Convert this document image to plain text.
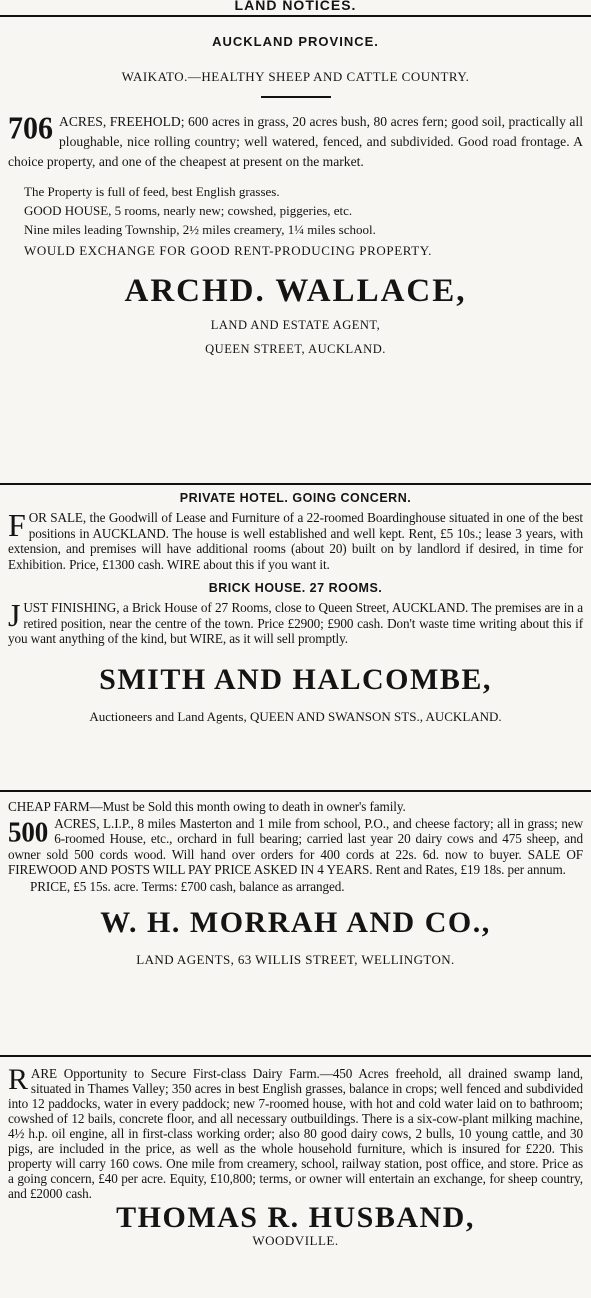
LAND NOTICES.
AUCKLAND PROVINCE.
WAIKATO.—HEALTHY SHEEP AND CATTLE COUNTRY.
706 ACRES, FREEHOLD; 600 acres in grass, 20 acres bush, 80 acres fern; good soil, practically all ploughable, nice rolling country; well watered, fenced, and subdivided. Good road frontage. A choice property, and one of the cheapest at present on the market.
The Property is full of feed, best English grasses.
GOOD HOUSE, 5 rooms, nearly new; cowshed, piggeries, etc.
Nine miles leading Township, 2½ miles creamery, 1¼ miles school.
WOULD EXCHANGE FOR GOOD RENT-PRODUCING PROPERTY.
ARCHD. WALLACE,
LAND AND ESTATE AGENT,
QUEEN STREET, AUCKLAND.
PRIVATE HOTEL. GOING CONCERN.
F OR SALE, the Goodwill of Lease and Furniture of a 22-roomed Boardinghouse situated in one of the best positions in AUCKLAND. The house is well established and well kept. Rent, £5 10s.; lease 3 years, with extension, and premises will have additional rooms (about 20) built on by landlord if desired, in time for Exhibition. Price, £1300 cash. WIRE about this if you want it.
BRICK HOUSE. 27 ROOMS.
J UST FINISHING, a Brick House of 27 Rooms, close to Queen Street, AUCKLAND. The premises are in a retired position, near the centre of the town. Price £2900; £900 cash. Don't waste time writing about this if you want anything of the kind, but WIRE, as it will sell promptly.
SMITH AND HALCOMBE,
Auctioneers and Land Agents, QUEEN AND SWANSON STS., AUCKLAND.
CHEAP FARM—Must be Sold this month owing to death in owner's family.
500 ACRES, L.I.P., 8 miles Masterton and 1 mile from school, P.O., and cheese factory; all in grass; new 6-roomed House, etc., orchard in full bearing; carried last year 20 dairy cows and 475 sheep, and owner sold 500 cords wood. Will hand over orders for 400 cords at 22s. 6d. now to buyer. SALE OF FIREWOOD AND POSTS WILL PAY PRICE ASKED IN 4 YEARS. Rent and Rates, £19 18s. per annum.
PRICE, £5 15s. acre. Terms: £700 cash, balance as arranged.
W. H. MORRAH AND CO.,
LAND AGENTS, 63 WILLIS STREET, WELLINGTON.
R ARE Opportunity to Secure First-class Dairy Farm.—450 Acres freehold, all drained swamp land, situated in Thames Valley; 350 acres in best English grasses, balance in crops; well fenced and subdivided into 12 paddocks, water in every paddock; new 7-roomed house, with hot and cold water laid on to bathroom; cowshed of 12 bails, concrete floor, and all necessary outbuildings. There is a six-cow-plant milking machine, 4½ h.p. oil engine, all in first-class working order; also 80 good dairy cows, 2 bulls, 10 young cattle, and 30 pigs, are included in the price, as well as the whole household furniture, which is insured for £220. This property will carry 160 cows. One mile from creamery, school, railway station, post office, and store. Price as a going concern, £40 per acre. Equity, £10,800; terms, or owner will entertain an exchange, for sheep country, and £2000 cash.
THOMAS R. HUSBAND,
WOODVILLE.
